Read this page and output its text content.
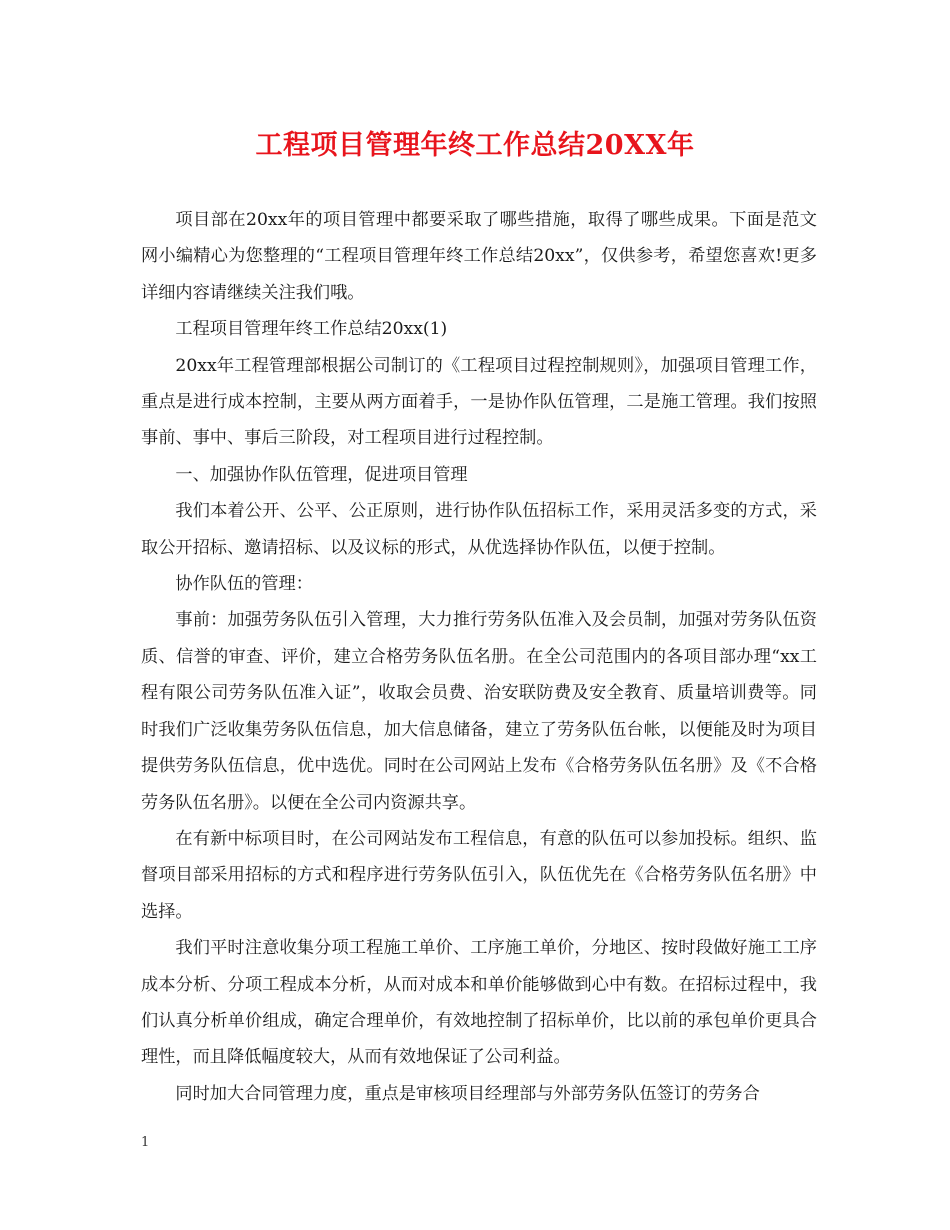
工程项目管理年终工作总结20XX年

项目部在20xx年的项目管理中都要采取了哪些措施，取得了哪些成果。下面是范文网小编精心为您整理的“工程项目管理年终工作总结20xx”，仅供参考，希望您喜欢!更多详细内容请继续关注我们哦。

工程项目管理年终工作总结20xx(1)

20xx年工程管理部根据公司制订的《工程项目过程控制规则》，加强项目管理工作，重点是进行成本控制，主要从两方面着手，一是协作队伍管理，二是施工管理。我们按照事前、事中、事后三阶段，对工程项目进行过程控制。

一、加强协作队伍管理，促进项目管理

我们本着公开、公平、公正原则，进行协作队伍招标工作，采用灵活多变的方式，采取公开招标、邀请招标、以及议标的形式，从优选择协作队伍，以便于控制。

协作队伍的管理：

事前：加强劳务队伍引入管理，大力推行劳务队伍准入及会员制，加强对劳务队伍资质、信誉的审查、评价，建立合格劳务队伍名册。在全公司范围内的各项目部办理“xx工程有限公司劳务队伍准入证”，收取会员费、治安联防费及安全教育、质量培训费等。同时我们广泛收集劳务队伍信息，加大信息储备，建立了劳务队伍台帐，以便能及时为项目提供劳务队伍信息，优中选优。同时在公司网站上发布《合格劳务队伍名册》及《不合格劳务队伍名册》。以便在全公司内资源共享。

在有新中标项目时，在公司网站发布工程信息，有意的队伍可以参加投标。组织、监督项目部采用招标的方式和程序进行劳务队伍引入，队伍优先在《合格劳务队伍名册》中选择。

我们平时注意收集分项工程施工单价、工序施工单价，分地区、按时段做好施工工序成本分析、分项工程成本分析，从而对成本和单价能够做到心中有数。在招标过程中，我们认真分析单价组成，确定合理单价，有效地控制了招标单价，比以前的承包单价更具合理性，而且降低幅度较大，从而有效地保证了公司利益。

同时加大合同管理力度，重点是审核项目经理部与外部劳务队伍签订的劳务合

1
